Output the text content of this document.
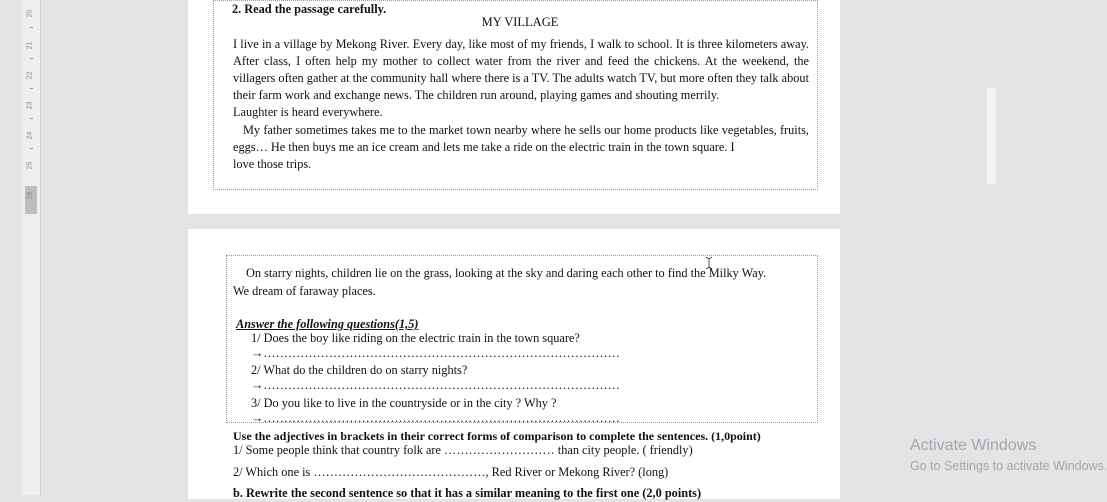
20
21
22
23
24
25
26
2. Read the passage carefully.
MY VILLAGE
I live in a village by Mekong River. Every day, like most of my friends, I walk to school. It is three kilometers away. After class, I often help my mother to collect water from the river and feed the chickens. At the weekend, the villagers often gather at the community hall where there is a TV. The adults watch TV, but more often they talk about their farm work and exchange news. The children run around, playing games and shouting merrily.
Laughter is heard everywhere.
My father sometimes takes me to the market town nearby where he sells our home products like vegetables, fruits, eggs… He then buys me an ice cream and lets me take a ride on the electric train in the town square. I
love those trips.
On starry nights, children lie on the grass, looking at the sky and daring each other to find the Milky Way.
We dream of faraway places.
Answer the following questions(1,5)
1/ Does the boy like riding on the electric train in the town square?
→……………………………………………………………………………
2/ What do the children do on starry nights?
→……………………………………………………………………………
3/ Do you like to live in the countryside or in the city ? Why ?
→……………………………………………………………………………
Use the adjectives in brackets in their correct forms of comparison to complete the sentences. (1,0point)
1/ Some people think that country folk are ……………………… than city people. ( friendly)
2/ Which one is ……………………………………, Red River or Mekong River? (long)
b. Rewrite the second sentence so that it has a similar meaning to the first one (2,0 points)
Activate Windows
Go to Settings to activate Windows.
